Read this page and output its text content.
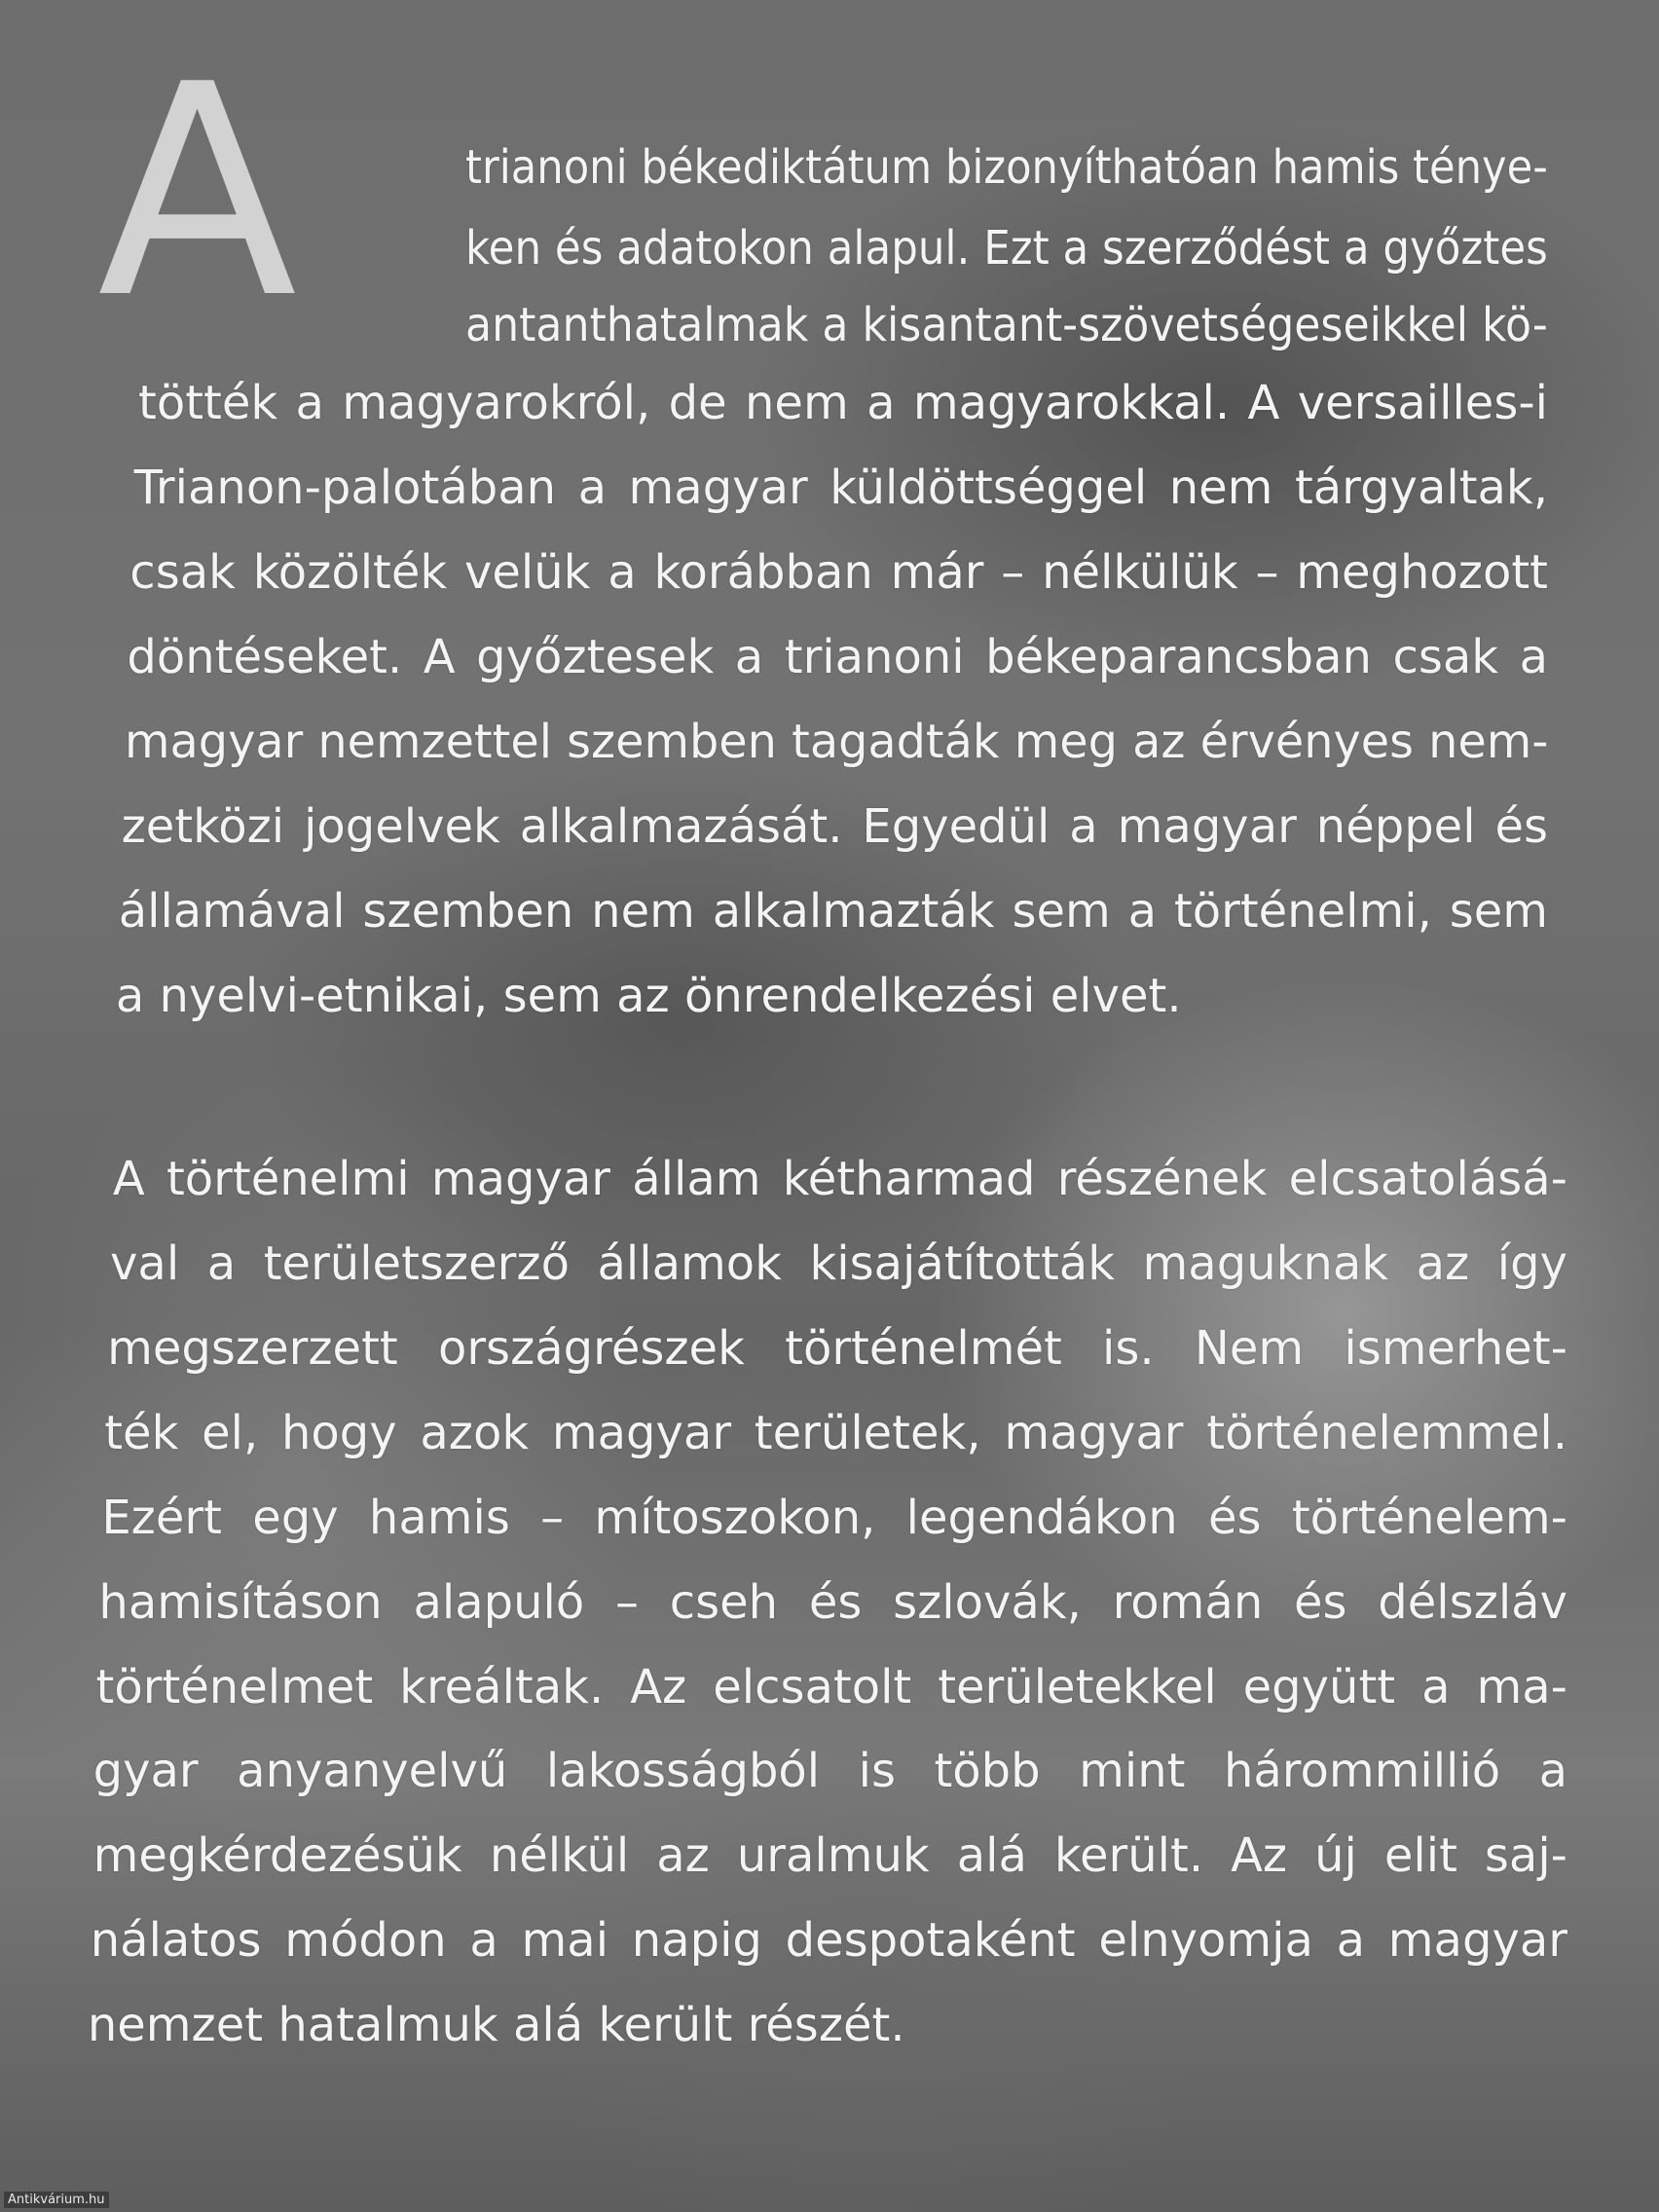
A	trianoni békediktátum bizonyíthatóan hamis ténye-
ken és adatokon alapul. Ezt a szerződést a győztes
antanthatalmak a kisantant-szövetségeseikkel kö-
tötték a magyarokról, de nem a magyarokkal. A versailles-i
Trianon-palotában a magyar küldöttséggel nem tárgyaltak,
csak közölték velük a korábban már – nélkülük – meghozott
döntéseket. A győztesek a trianoni békeparancsban csak a
magyar nemzettel szemben tagadták meg az érvényes nem-
zetközi jogelvek alkalmazását. Egyedül a magyar néppel és
államával szemben nem alkalmazták sem a történelmi, sem
a nyelvi-etnikai, sem az önrendelkezési elvet.
A történelmi magyar állam kétharmad részének elcsatolásá-
val a területszerző államok kisajátították maguknak az így
megszerzett országrészek történelmét is. Nem ismerhet-
ték el, hogy azok magyar területek, magyar történelemmel.
Ezért egy hamis – mítoszokon, legendákon és történelem-
hamisításon alapuló – cseh és szlovák, román és délszláv
történelmet kreáltak. Az elcsatolt területekkel együtt a ma-
gyar anyanyelvű lakosságból is több mint hárommillió a
megkérdezésük nélkül az uralmuk alá került. Az új elit saj-
nálatos módon a mai napig despotaként elnyomja a magyar
nemzet hatalmuk alá került részét.
Antikvárium.hu
